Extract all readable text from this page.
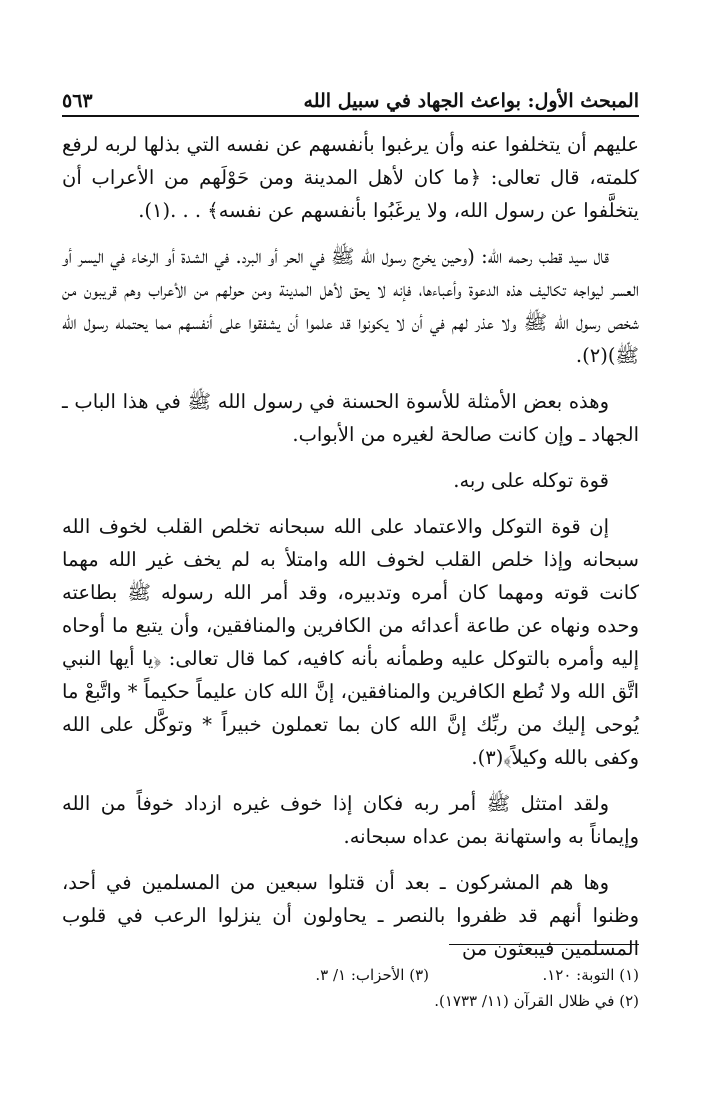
المبحث الأول: بواعث الجهاد في سبيل الله
٥٦٣

عليهم أن يتخلفوا عنه وأن يرغبوا بأنفسهم عن نفسه التي بذلها لربه لرفع كلمته، قال تعالى: ﴿ما كان لأهل المدينة ومن حَوْلَهم من الأعراب أن يتخلَّفوا عن رسول الله، ولا يرغَبُوا بأنفسهم عن نفسه﴾ . . .(١).

قال سيد قطب رحمه الله: (وحين يخرج رسول الله ﷺ في الحر أو البرد. في الشدة أو الرخاء في اليسر أو العسر ليواجه تكاليف هذه الدعوة وأعباءها، فإنه لا يحق لأهل المدينة ومن حولهم من الأعراب وهم قريبون من شخص رسول الله ﷺ ولا عذر لهم في أن لا يكونوا قد علموا أن يشفقوا على أنفسهم مما يحتمله رسول الله ﷺ)(٢).

وهذه بعض الأمثلة للأسوة الحسنة في رسول الله ﷺ في هذا الباب ـ الجهاد ـ وإن كانت صالحة لغيره من الأبواب.

قوة توكله على ربه.

إن قوة التوكل والاعتماد على الله سبحانه تخلص القلب لخوف الله سبحانه وإذا خلص القلب لخوف الله وامتلأ به لم يخف غير الله مهما كانت قوته ومهما كان أمره وتدبيره، وقد أمر الله رسوله ﷺ بطاعته وحده ونهاه عن طاعة أعدائه من الكافرين والمنافقين، وأن يتبع ما أوحاه إليه وأمره بالتوكل عليه وطمأنه بأنه كافيه، كما قال تعالى: ﴿يا أيها النبي اتَّق الله ولا تُطع الكافرين والمنافقين، إنَّ الله كان عليماً حكيماً * واتَّبعْ ما يُوحى إليك من ربِّك إنَّ الله كان بما تعملون خبيراً * وتوكَّل على الله وكفى بالله وكيلاً﴾(٣).

ولقد امتثل ﷺ أمر ربه فكان إذا خوف غيره ازداد خوفاً من الله وإيماناً به واستهانة بمن عداه سبحانه.

وها هم المشركون ـ بعد أن قتلوا سبعين من المسلمين في أحد، وظنوا أنهم قد ظفروا بالنصر ـ يحاولون أن ينزلوا الرعب في قلوب المسلمين فيبعثون من

(١) التوبة: ١٢٠.
(٣) الأحزاب: ١/ ٣.
(٢) في ظلال القرآن (١١/ ١٧٣٣).
